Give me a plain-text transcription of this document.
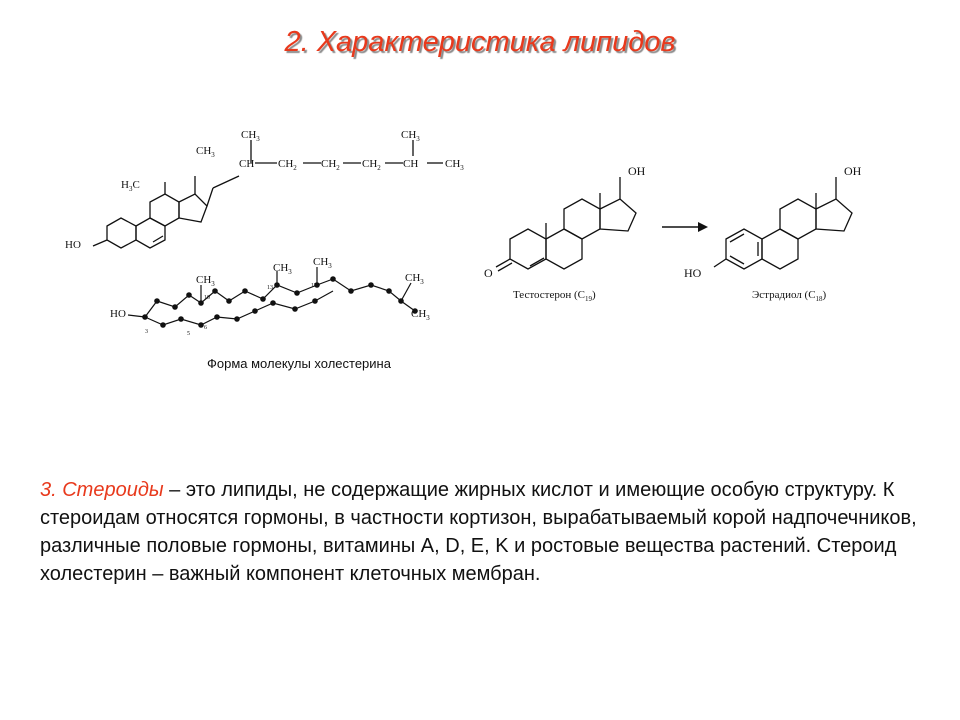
2. Характеристика липидов
HO
$H_3C$
$CH_3$
$CH_3$
CH $CH_2$ $CH_2$ $CH_2$
$CH_3$
CH $CH_3$
HO
$CH_3$
$CH_3$
$CH_3$
$CH_3$
$CH_3$
3	5
6
10
13	17
Форма молекулы холестерина
OH
O
Тестостерон $(C_{19})$
OH
HO
Эстрадиол $(C_{18})$

3. Стероиды – это липиды, не содержащие жирных кислот и имеющие особую структуру. К стероидам относятся гормоны, в частности кортизон, вырабатываемый корой надпочечников, различные половые гормоны, витамины A, D, E, K и ростовые вещества растений. Стероид холестерин – важный компонент клеточных мембран.
